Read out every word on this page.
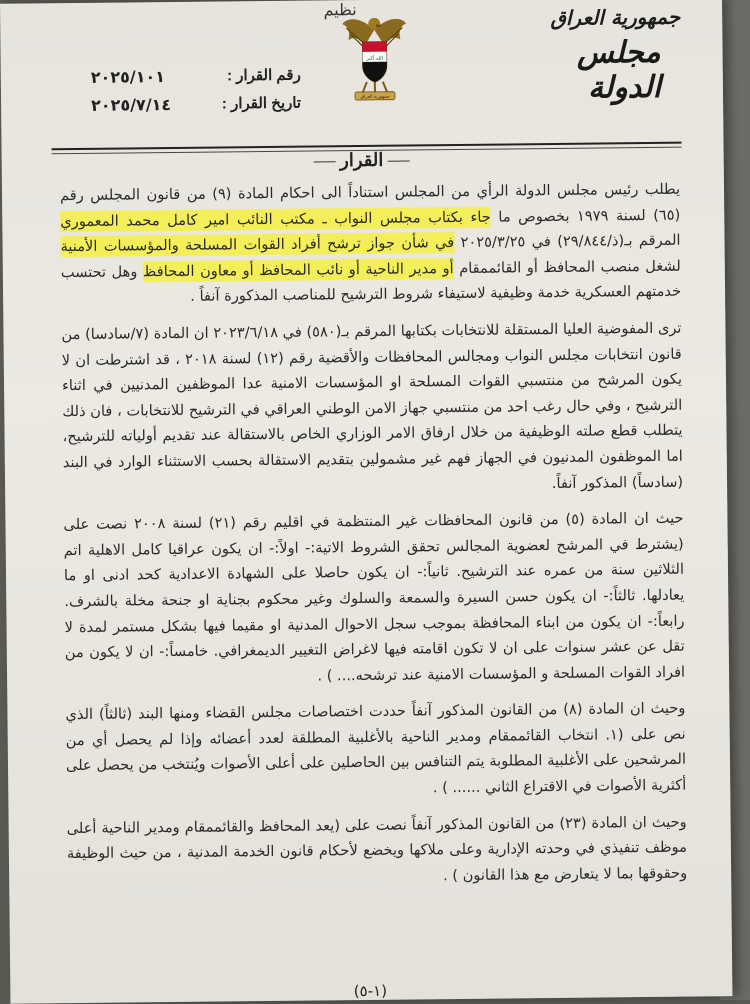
نظيم	جمهورية العراق
مجلس الدولة
الله أكبر
جمهورية العراق
رقم القرار :
٢٠٢٥/١٠١
تاريخ القرار :
٢٠٢٥/٧/١٤
القرار

يطلب رئيس مجلس الدولة الرأي من المجلس استناداً الى احكام المادة (٩) من قانون المجلس رقم (٦٥) لسنة ١٩٧٩ بخصوص ما جاء بكتاب مجلس النواب ـ مكتب النائب امير كامل محمد المعموري المرقم بـ(ذ/٢٩/٨٤٤) في ٢٠٢٥/٣/٢٥ في شأن جواز ترشح أفراد القوات المسلحة والمؤسسات الأمنية لشغل منصب المحافظ أو القائممقام أو مدير الناحية أو نائب المحافظ أو معاون المحافظ وهل تحتسب خدمتهم العسكرية خدمة وظيفية لاستيفاء شروط الترشيح للمناصب المذكورة آنفاً .

ترى المفوضية العليا المستقلة للانتخابات بكتابها المرقم بـ(٥٨٠) في ٢٠٢٣/٦/١٨ ان المادة (٧/سادسا) من قانون انتخابات مجلس النواب ومجالس المحافظات والأقضية رقم (١٢) لسنة ٢٠١٨ ، قد اشترطت ان لا يكون المرشح من منتسبي القوات المسلحة او المؤسسات الامنية عدا الموظفين المدنيين في اثناء الترشيح ، وفي حال رغب احد من منتسبي جهاز الامن الوطني العراقي في الترشيح للانتخابات ، فان ذلك يتطلب قطع صلته الوظيفية من خلال ارفاق الامر الوزاري الخاص بالاستقالة عند تقديم أولياته للترشيح، اما الموظفون المدنيون في الجهاز فهم غير مشمولين بتقديم الاستقالة بحسب الاستثناء الوارد في البند (سادساً) المذكور آنفاً.

حيث ان المادة (٥) من قانون المحافظات غير المنتظمة في اقليم رقم (٢١) لسنة ٢٠٠٨ نصت على (يشترط في المرشح لعضوية المجالس تحقق الشروط الاتية:- اولاً:- ان يكون عراقيا كامل الاهلية اتم الثلاثين سنة من عمره عند الترشيح. ثانياً:- ان يكون حاصلا على الشهادة الاعدادية كحد ادنى او ما يعادلها. ثالثاً:- ان يكون حسن السيرة والسمعة والسلوك وغير محكوم بجناية او جنحة مخلة بالشرف. رابعاً:- ان يكون من ابناء المحافظة بموجب سجل الاحوال المدنية او مقيما فيها بشكل مستمر لمدة لا تقل عن عشر سنوات على ان لا تكون اقامته فيها لاغراض التغيير الديمغرافي. خامساً:- ان لا يكون من افراد القوات المسلحة و المؤسسات الامنية عند ترشحه.... ) .

وحيث ان المادة (٨) من القانون المذكور آنفاً حددت اختصاصات مجلس القضاء ومنها البند (ثالثاً) الذي نص على (١. انتخاب القائممقام ومدير الناحية بالأغلبية المطلقة لعدد أعضائه وإذا لم يحصل أي من المرشحين على الأغلبية المطلوبة يتم التنافس بين الحاصلين على أعلى الأصوات ويُنتخب من يحصل على أكثرية الأصوات في الاقتراع الثاني ...... ) .

وحيث ان المادة (٢٣) من القانون المذكور آنفاً نصت على (يعد المحافظ والقائممقام ومدير الناحية أعلى موظف تنفيذي في وحدته الإدارية وعلى ملاكها ويخضع لأحكام قانون الخدمة المدنية ، من حيث الوظيفة وحقوقها بما لا يتعارض مع هذا القانون ) .

(١-٥)
